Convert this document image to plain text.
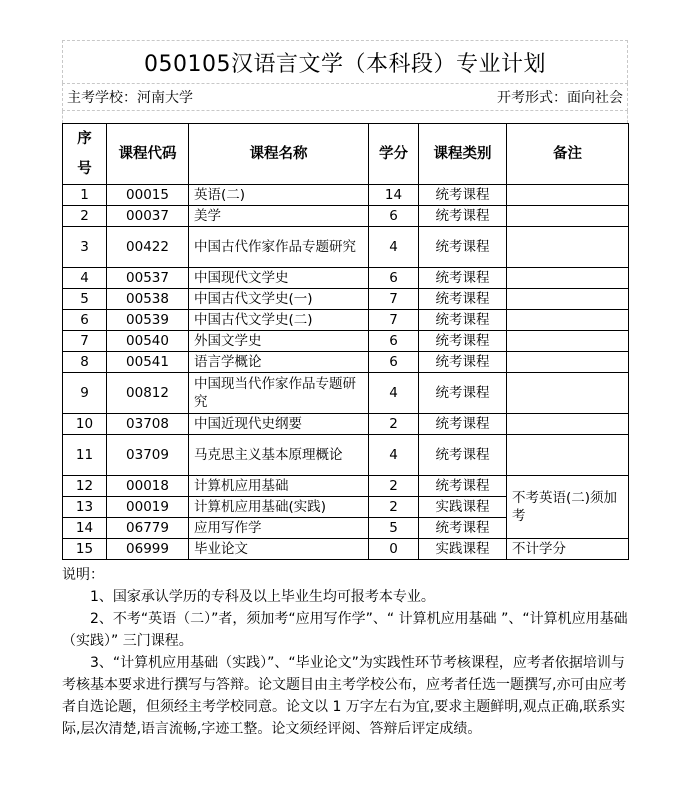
050105汉语言文学（本科段）专业计划
主考学校：河南大学	开考形式：面向社会
序
号	课程代码	课程名称	学分	课程类别	备注
1	00015	英语(二)	14	统考课程	
2	00037	美学	6	统考课程	
3	00422	中国古代作家作品专题研究	4	统考课程	
4	00537	中国现代文学史	6	统考课程	
5	00538	中国古代文学史(一)	7	统考课程	
6	00539	中国古代文学史(二)	7	统考课程	
7	00540	外国文学史	6	统考课程	
8	00541	语言学概论	6	统考课程	
9	00812	中国现当代作家作品专题研究	4	统考课程	
10	03708	中国近现代史纲要	2	统考课程	
11	03709	马克思主义基本原理概论	4	统考课程	
12	00018	计算机应用基础	2	统考课程	不考英语(二)须加考
13	00019	计算机应用基础(实践)	2	实践课程	
14	06779	应用写作学	5	统考课程	
15	06999	毕业论文	0	实践课程	不计学分

说明：

1、国家承认学历的专科及以上毕业生均可报考本专业。

2、不考“英语（二）”者，须加考“应用写作学”、“ 计算机应用基础 ”、“计算机应用基础（实践）” 三门课程。

3、“计算机应用基础（实践）”、“毕业论文”为实践性环节考核课程，应考者依据培训与考核基本要求进行撰写与答辩。论文题目由主考学校公布，应考者任选一题撰写,亦可由应考者自选论题，但须经主考学校同意。论文以 1 万字左右为宜,要求主题鲜明,观点正确,联系实际,层次清楚,语言流畅,字迹工整。论文须经评阅、答辩后评定成绩。
